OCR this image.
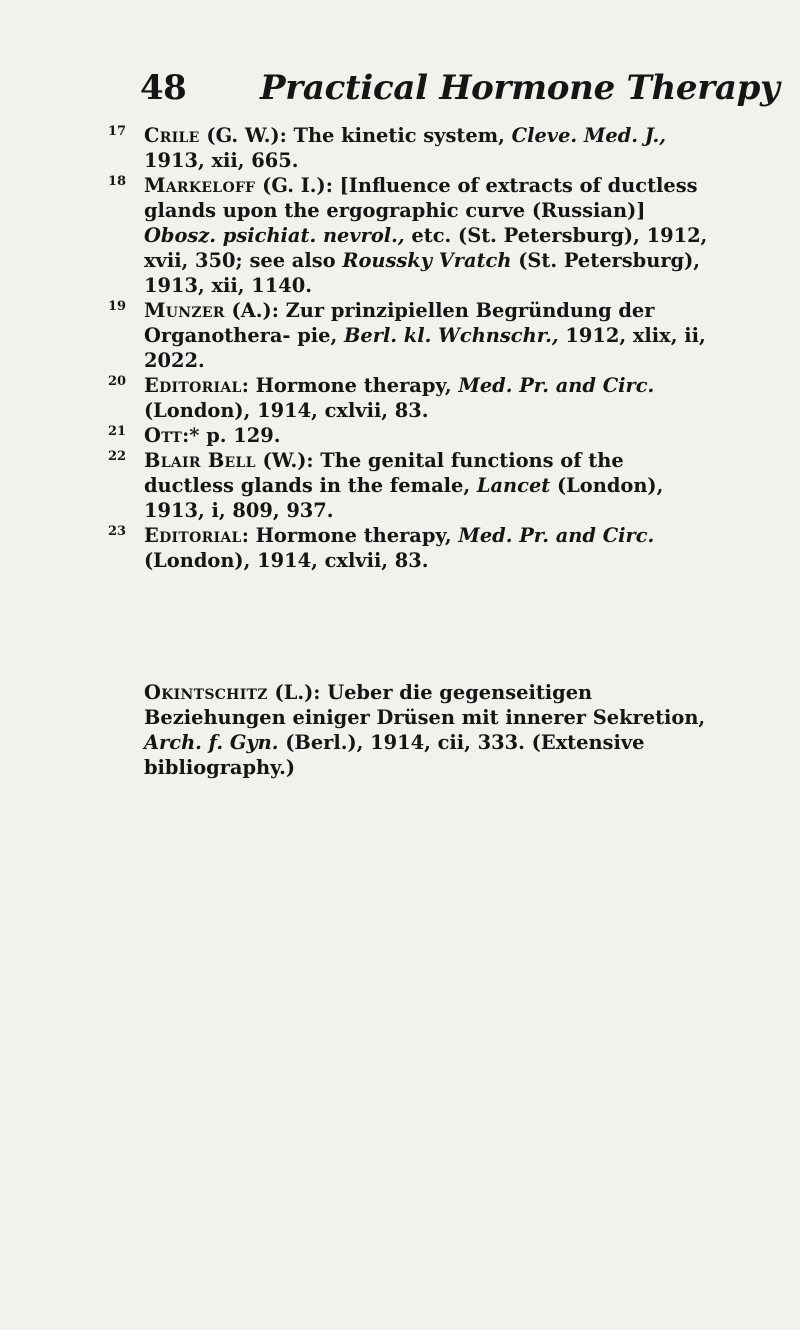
48 Practical Hormone Therapy
17 Crile (G. W.): The kinetic system, Cleve. Med. J., 1913, xii, 665.
18 Markeloff (G. I.): [Influence of extracts of ductless glands upon the ergographic curve (Russian)] Obosz. psichiat. nevrol., etc. (St. Petersburg), 1912, xvii, 350; see also Roussky Vratch (St. Petersburg), 1913, xii, 1140.
19 Munzer (A.): Zur prinzipiellen Begründung der Organothera- pie, Berl. kl. Wchnschr., 1912, xlix, ii, 2022.
20 Editorial: Hormone therapy, Med. Pr. and Circ. (London), 1914, cxlvii, 83.
21 Ott:* p. 129.
22 Blair Bell (W.): The genital functions of the ductless glands in the female, Lancet (London), 1913, i, 809, 937.
23 Editorial: Hormone therapy, Med. Pr. and Circ. (London), 1914, cxlvii, 83.

Okintschitz (L.): Ueber die gegenseitigen Beziehungen einiger Drüsen mit innerer Sekretion, Arch. f. Gyn. (Berl.), 1914, cii, 333. (Extensive bibliography.)
